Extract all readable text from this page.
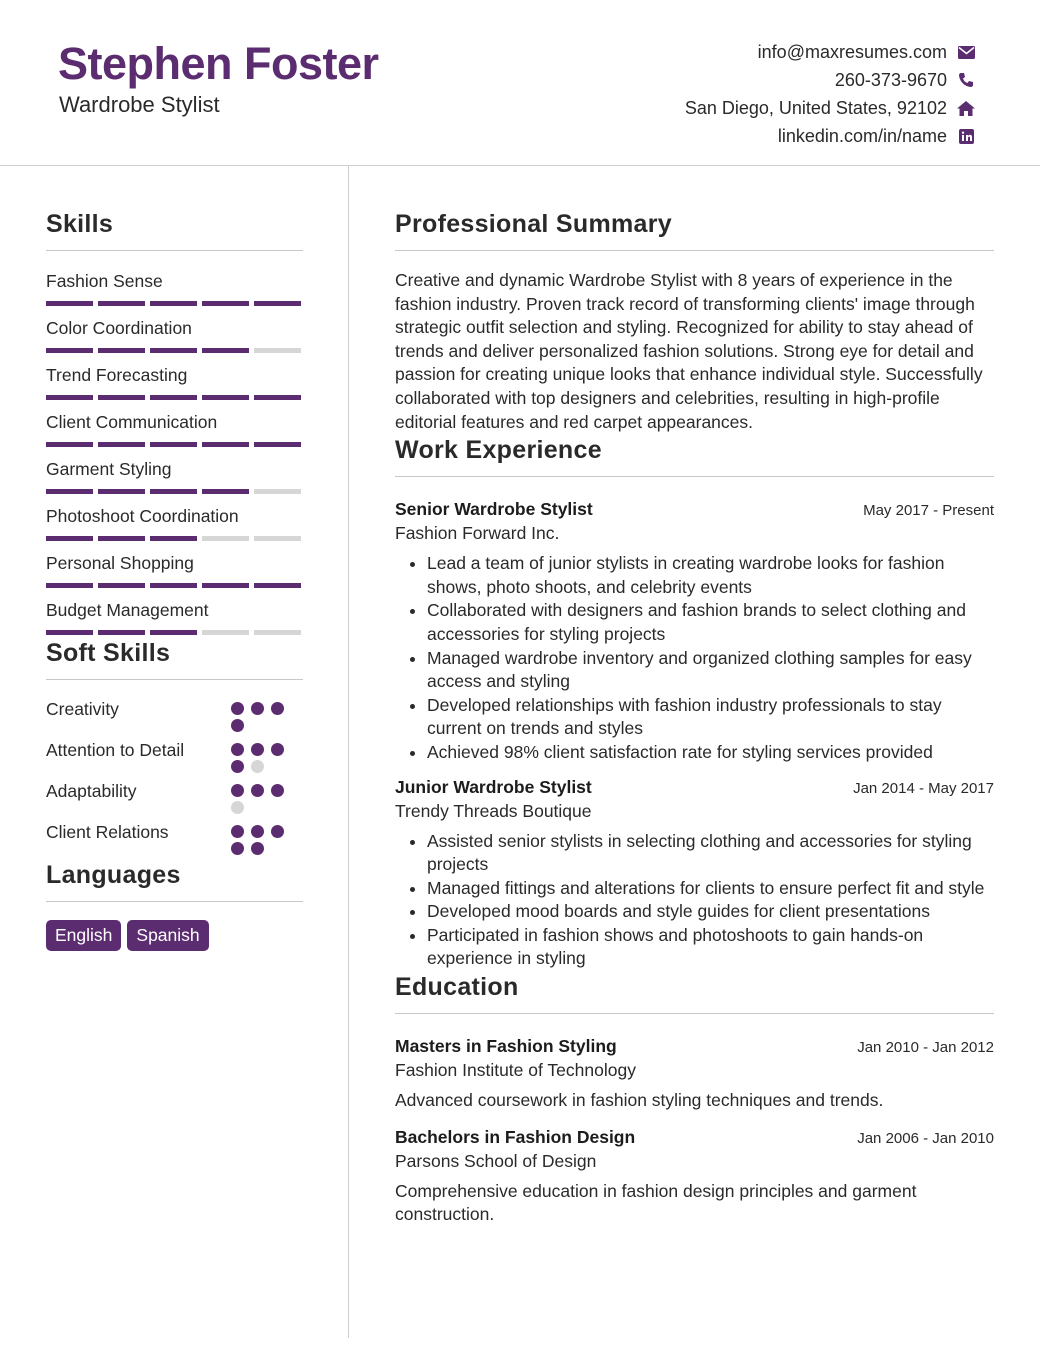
Stephen Foster
Wardrobe Stylist
info@maxresumes.com
260-373-9670
San Diego, United States, 92102
linkedin.com/in/name
Skills
Fashion Sense
Color Coordination
Trend Forecasting
Client Communication
Garment Styling
Photoshoot Coordination
Personal Shopping
Budget Management
Soft Skills
Creativity
Attention to Detail
Adaptability
Client Relations
Languages
English	Spanish
Professional Summary
Creative and dynamic Wardrobe Stylist with 8 years of experience in the fashion industry. Proven track record of transforming clients' image through strategic outfit selection and styling. Recognized for ability to stay ahead of trends and deliver personalized fashion solutions. Strong eye for detail and passion for creating unique looks that enhance individual style. Successfully collaborated with top designers and celebrities, resulting in high-profile editorial features and red carpet appearances.
Work Experience
Senior Wardrobe Stylist	May 2017 - Present
Fashion Forward Inc.
• Lead a team of junior stylists in creating wardrobe looks for fashion shows, photo shoots, and celebrity events
• Collaborated with designers and fashion brands to select clothing and accessories for styling projects
• Managed wardrobe inventory and organized clothing samples for easy access and styling
• Developed relationships with fashion industry professionals to stay current on trends and styles
• Achieved 98% client satisfaction rate for styling services provided
Junior Wardrobe Stylist	Jan 2014 - May 2017
Trendy Threads Boutique
• Assisted senior stylists in selecting clothing and accessories for styling projects
• Managed fittings and alterations for clients to ensure perfect fit and style
• Developed mood boards and style guides for client presentations
• Participated in fashion shows and photoshoots to gain hands-on experience in styling
Education
Masters in Fashion Styling	Jan 2010 - Jan 2012
Fashion Institute of Technology
Advanced coursework in fashion styling techniques and trends.
Bachelors in Fashion Design	Jan 2006 - Jan 2010
Parsons School of Design
Comprehensive education in fashion design principles and garment construction.
